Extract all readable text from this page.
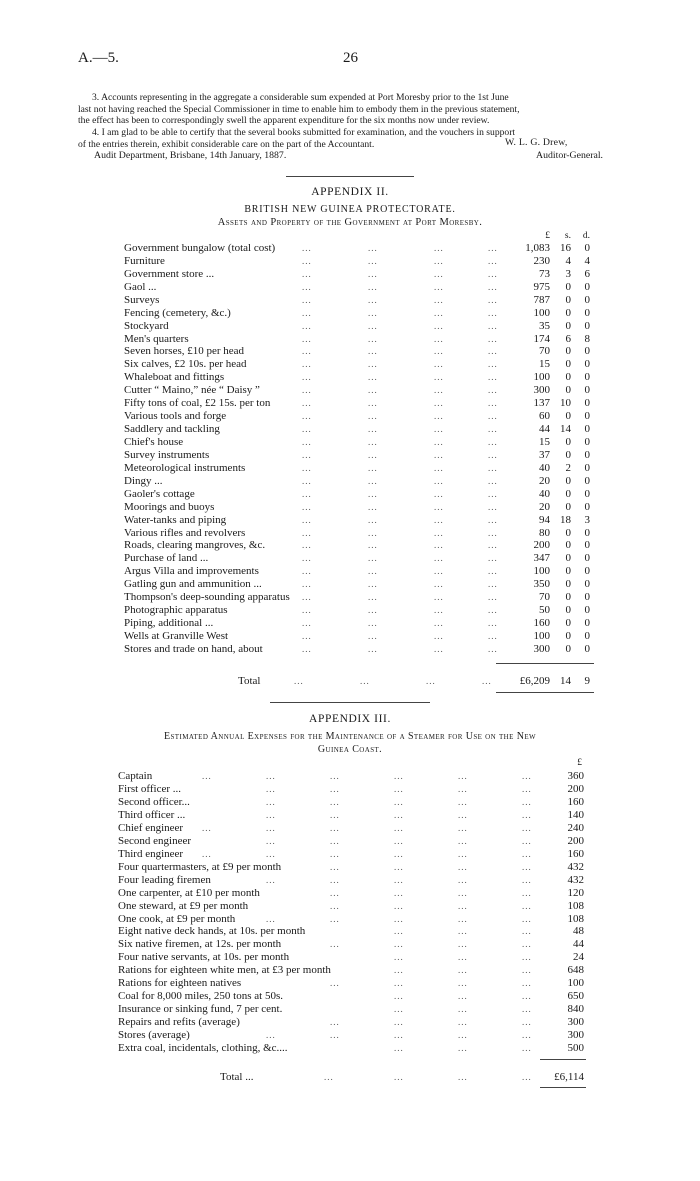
A.—5.	26
3. Accounts representing in the aggregate a considerable sum expended at Port Moresby prior to the 1st June
last not having reached the Special Commissioner in time to enable him to embody them in the previous statement,
the effect has been to correspondingly swell the apparent expenditure for the six months now under review.
4. I am glad to be able to certify that the several books submitted for examination, and the vouchers in support
of the entries therein, exhibit considerable care on the part of the Accountant.	W. L. G. Drew,
Audit Department, Brisbane, 14th January, 1887.	Auditor-General.
APPENDIX II.
BRITISH NEW GUINEA PROTECTORATE.
Assets and Property of the Government at Port Moresby.
£	s.	d.
Government bungalow (total cost)	...	...	...	...	1,083 16	0
Furniture	...	...	...	...	230	4	4
Government store ...	...	...	...	...	73	3	6
Gaol ...	...	...	...	...	975	0	0
Surveys	...	...	...	...	787	0	0
Fencing (cemetery, &c.)	...	...	...	...	100	0	0
Stockyard	...	...	...	...	35	0	0
Men's quarters	...	...	...	...	174	6	8
Seven horses, £10 per head	...	...	...	...	70	0	0
Six calves, £2 10s. per head	...	...	...	...	15	0	0
Whaleboat and fittings	...	...	...	...	100	0	0
Cutter “ Maino,” née “ Daisy ”	...	...	...	...	300	0	0
Fifty tons of coal, £2 15s. per ton	...	...	...	...	137 10	0
Various tools and forge	...	...	...	...	60	0	0
Saddlery and tackling	...	...	...	...	44 14	0
Chief's house	...	...	...	...	15	0	0
Survey instruments	...	...	...	...	37	0	0
Meteorological instruments	...	...	...	...	40	2	0
Dingy ...	...	...	...	...	20	0	0
Gaoler's cottage	...	...	...	...	40	0	0
Moorings and buoys	...	...	...	...	20	0	0
Water-tanks and piping	...	...	...	...	94 18	3
Various rifles and revolvers	...	...	...	...	80	0	0
Roads, clearing mangroves, &c.	...	...	...	...	200	0	0
Purchase of land ...	...	...	...	...	347	0	0
Argus Villa and improvements	...	...	...	...	100	0	0
Gatling gun and ammunition ...	...	...	...	...	350	0	0
Thompson's deep-sounding apparatus ...	...	...	...	70	0	0
Photographic apparatus	...	...	...	...	50	0	0
Piping, additional ...	...	...	...	...	160	0	0
Wells at Granville West	...	...	...	...	100	0	0
Stores and trade on hand, about	...	...	...	...	300	0	0
Total	...	...	...	...	£6,209 14	9
APPENDIX III.
Estimated Annual Expenses for the Maintenance of a Steamer for Use on the New
Guinea Coast.
£
Captain	...	...	...	...	...	...	360
First officer ...	...	...	...	...	...	200
Second officer...	...	...	...	...	...	160
Third officer ...	...	...	...	...	...	140
Chief engineer ...	...	...	...	...	...	240
Second engineer	...	...	...	...	...	200
Third engineer ...	...	...	...	...	...	160
Four quartermasters, at £9 per month	...	...	...	...	432
Four leading firemen	...	...	...	...	...	432
One carpenter, at £10 per month	...	...	...	...	120
One steward, at £9 per month	...	...	...	...	108
One cook, at £9 per month	...	...	...	...	...	108
Eight native deck hands, at 10s. per month	...	...	...	48
Six native firemen, at 12s. per month	...	...	...	...	44
Four native servants, at 10s. per month	...	...	...	24
Rations for eighteen white men, at £3 per month	...	...	...	648
Rations for eighteen natives	...	...	...	...	100
Coal for 8,000 miles, 250 tons at 50s.	...	...	...	650
Insurance or sinking fund, 7 per cent.	...	...	...	840
Repairs and refits (average)	...	...	...	...	300
Stores (average)	...	...	...	...	...	300
Extra coal, incidentals, clothing, &c....	...	...	...	500
Total ...	...	...	...	...	£6,114
